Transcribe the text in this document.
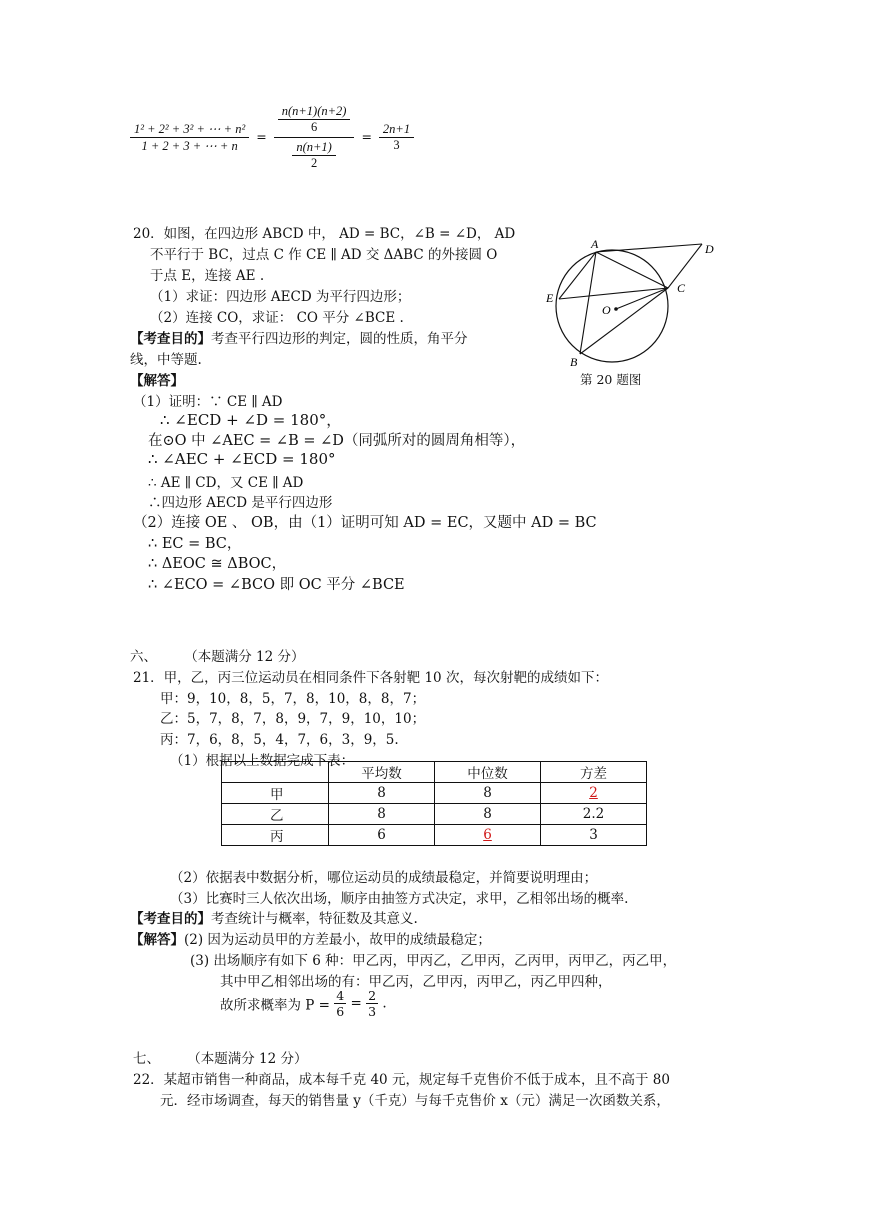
$\frac{\text{1² + 2² + 3² + ⋯ + n²}}{1 + 2 + 3 + \cdots + n} = \frac{\frac{n(n+1)(n+2)}{6}}{\frac{n(n+1)}{2}} = \frac{2n+1}{3}$
20．如图，在四边形 ABCD 中， AD = BC，∠B = ∠D， AD
不平行于 BC，过点 C 作 CE ∥ AD 交 ΔABC 的外接圆 O
于点 E，连接 AE .
（1）求证：四边形 AECD 为平行四边形；
（2）连接 CO，求证： CO 平分 ∠BCE .
【考查目的】考查平行四边形的判定，圆的性质，角平分
线，中等题.
【解答】
（1）证明：∵ CE ∥ AD
∴ ∠ECD + ∠D = 180°，
在⊙O 中 ∠AEC = ∠B = ∠D（同弧所对的圆周角相等），
∴ ∠AEC + ∠ECD = 180°
∴ AE ∥ CD，又 CE ∥ AD
∴四边形 AECD 是平行四边形
（2）连接 OE 、 OB，由（1）证明可知 AD = EC，又题中 AD = BC
∴ EC = BC，
∴ ΔEOC ≅ ΔBOC，
∴ ∠ECO = ∠BCO 即 OC 平分 ∠BCE
A	D
C
E
O
B
第 20 题图
六、	（本题满分 12 分）
21．甲，乙，丙三位运动员在相同条件下各射靶 10 次，每次射靶的成绩如下：
甲：9，10，8，5，7，8，10，8，8，7；
乙：5，7，8，7，8，9，7，9，10，10；
丙：7，6，8，5，4，7，6，3，9，5.
（1）根据以上数据完成下表：
	平均数	中位数	方差
甲	8	8	2
乙	8	8	2.2
丙	6	6	3
（2）依据表中数据分析，哪位运动员的成绩最稳定，并简要说明理由；
（3）比赛时三人依次出场，顺序由抽签方式决定，求甲，乙相邻出场的概率.
【考查目的】考查统计与概率，特征数及其意义.
【解答】(2) 因为运动员甲的方差最小，故甲的成绩最稳定；
(3) 出场顺序有如下 6 种：甲乙丙，甲丙乙，乙甲丙，乙丙甲，丙甲乙，丙乙甲，
其中甲乙相邻出场的有：甲乙丙，乙甲丙，丙甲乙，丙乙甲四种，
故所求概率为 $P = \frac{4}{6} = \frac{2}{3}$ .
七、	（本题满分 12 分）
22．某超市销售一种商品，成本每千克 40 元，规定每千克售价不低于成本，且不高于 80
元．经市场调查，每天的销售量 y（千克）与每千克售价 x（元）满足一次函数关系，
